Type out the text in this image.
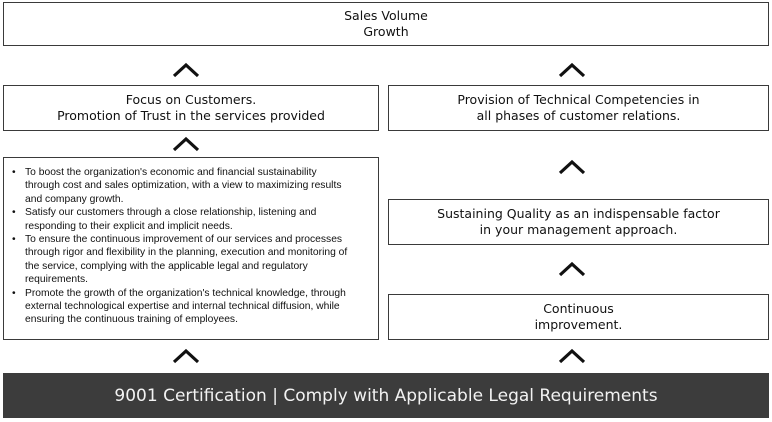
Sales Volume
Growth
Focus on Customers.
Promotion of Trust in the services provided
Provision of Technical Competencies in
all phases of customer relations.
• To boost the organization's economic and financial sustainability
through cost and sales optimization, with a view to maximizing results
and company growth.
• Satisfy our customers through a close relationship, listening and
responding to their explicit and implicit needs.
• To ensure the continuous improvement of our services and processes
through rigor and flexibility in the planning, execution and monitoring of
the service, complying with the applicable legal and regulatory
requirements.
• Promote the growth of the organization's technical knowledge, through
external technological expertise and internal technical diffusion, while
ensuring the continuous training of employees.
Sustaining Quality as an indispensable factor
in your management approach.
Continuous
improvement.
9001 Certification | Comply with Applicable Legal Requirements
